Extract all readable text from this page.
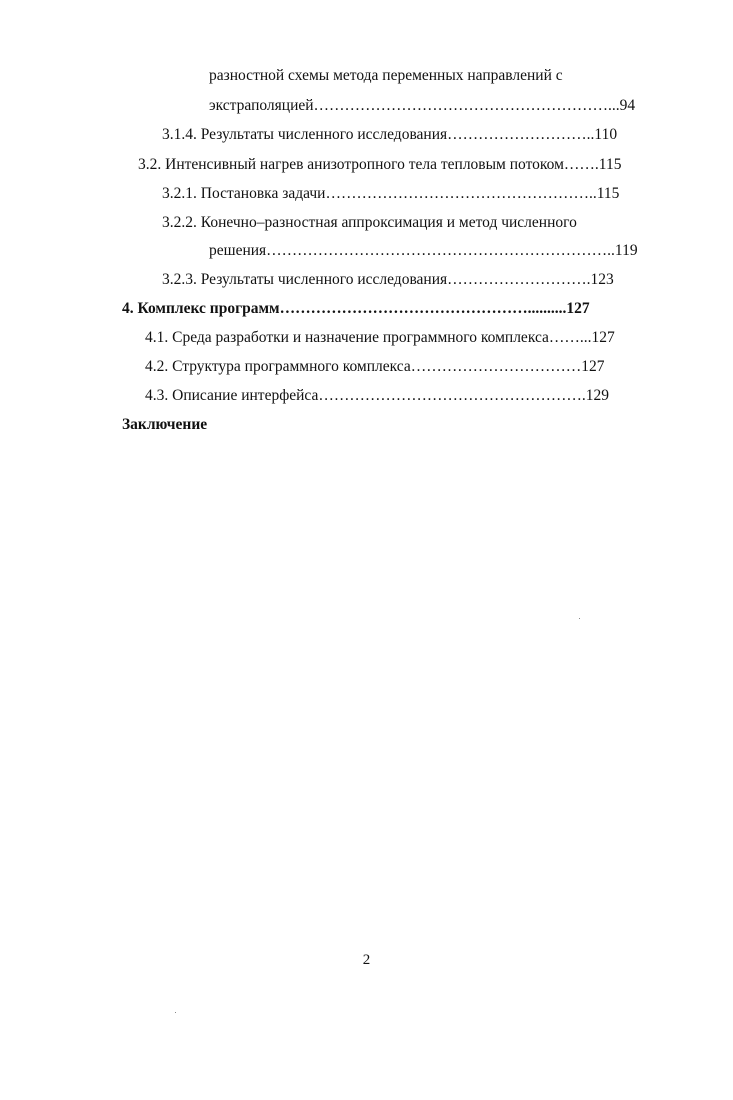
разностной схемы метода переменных направлений с
экстраполяцией…………………………………………………...94
3.1.4. Результаты численного исследования………………………..110
3.2. Интенсивный нагрев анизотропного тела тепловым потоком…….115
3.2.1. Постановка задачи……………………………………………..115
3.2.2. Конечно–разностная аппроксимация и метод численного
решения…………………………………………………………..119
3.2.3. Результаты численного исследования……………………….123
4. Комплекс программ…………………………………………..........127
4.1. Среда разработки и назначение программного комплекса……...127
4.2. Структура программного комплекса……………………………127
4.3. Описание интерфейса…………………………………………….129
Заключение
2
